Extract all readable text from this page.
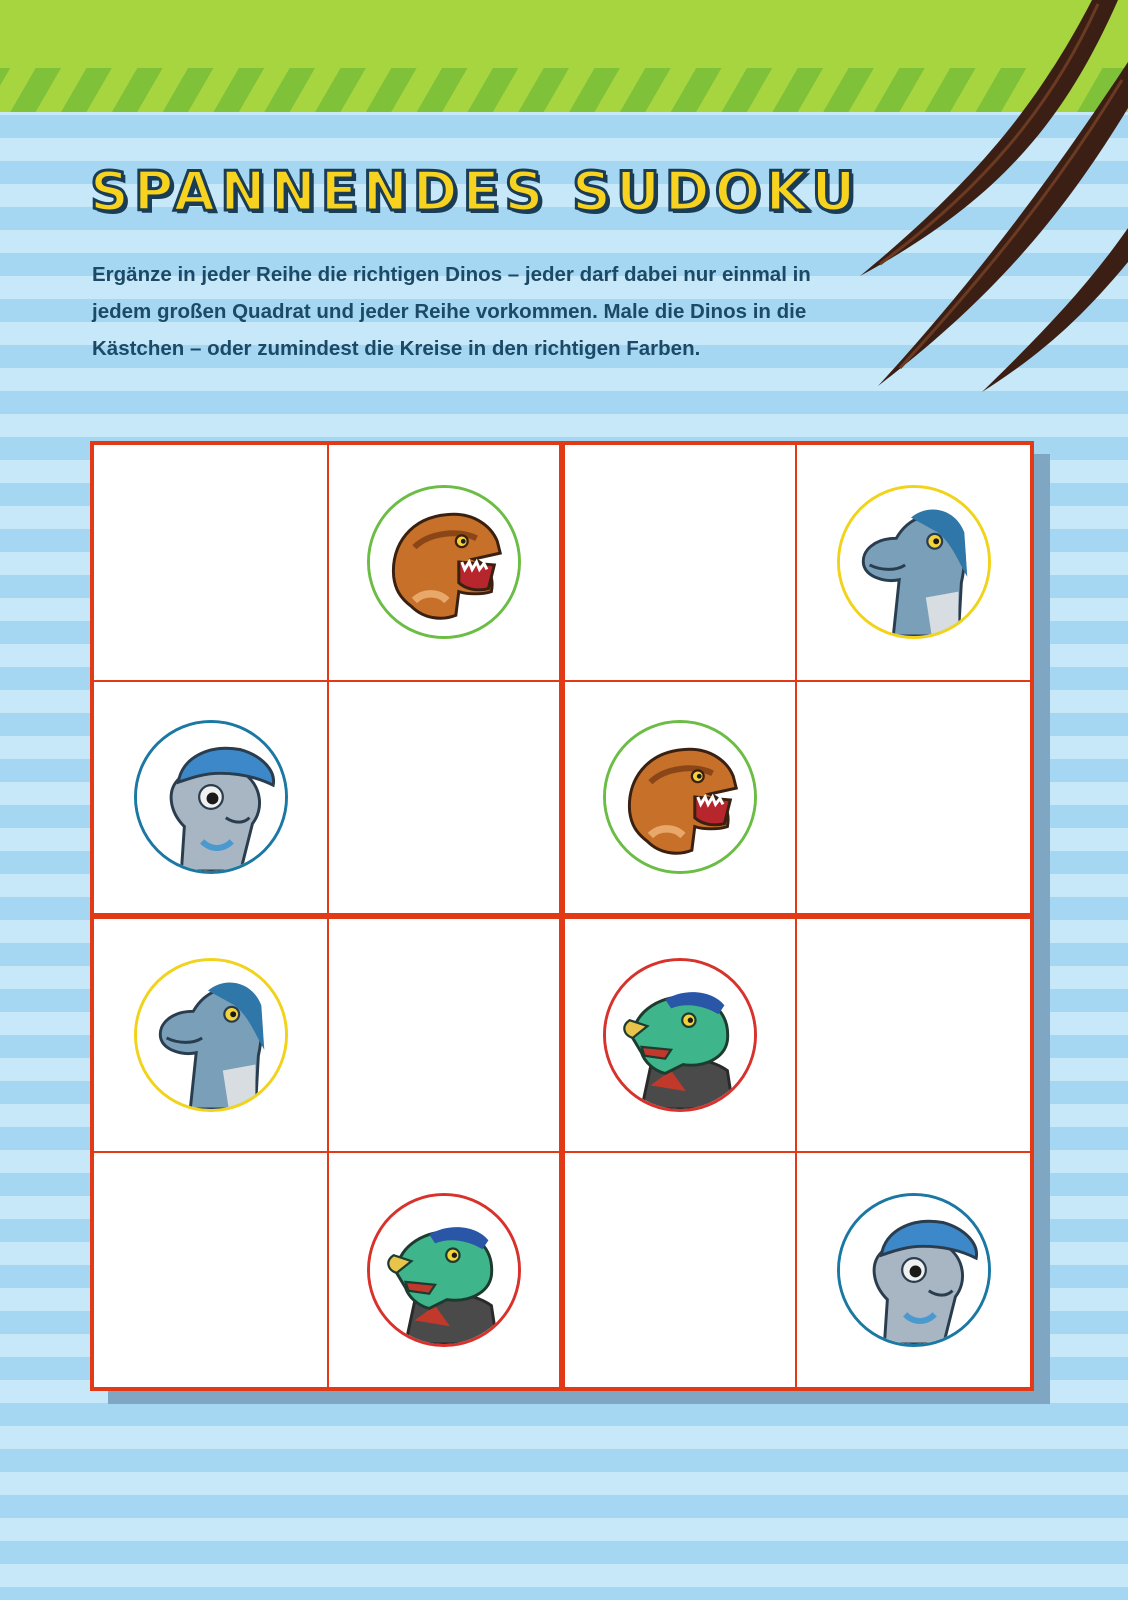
SPANNENDES SUDOKU

Ergänze in jeder Reihe die richtigen Dinos – jeder darf dabei nur einmal in jedem großen Quadrat und jeder Reihe vorkommen. Male die Dinos in die Kästchen – oder zumindest die Kreise in den richtigen Farben.
